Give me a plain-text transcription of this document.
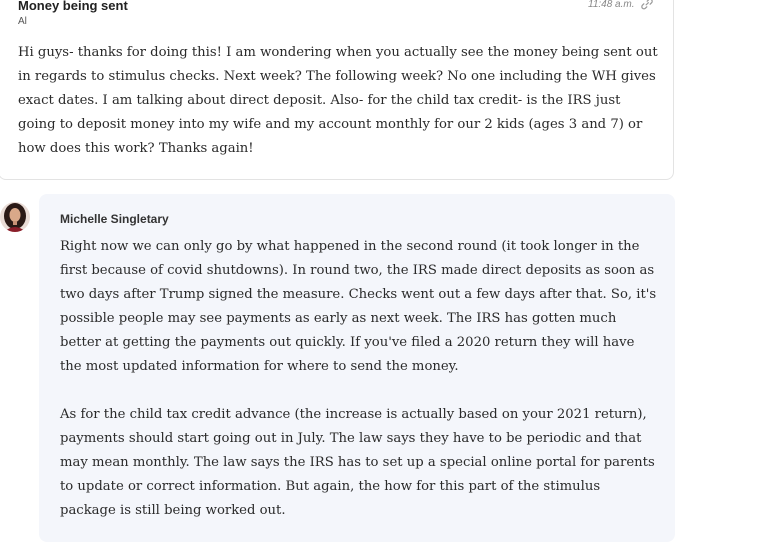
Money being sent
Al
11:48 a.m.

Hi guys- thanks for doing this! I am wondering when you actually see the money being sent out in regards to stimulus checks. Next week? The following week? No one including the WH gives exact dates. I am talking about direct deposit. Also- for the child tax credit- is the IRS just going to deposit money into my wife and my account monthly for our 2 kids (ages 3 and 7) or how does this work? Thanks again!

Michelle Singletary

Right now we can only go by what happened in the second round (it took longer in the first because of covid shutdowns). In round two, the IRS made direct deposits as soon as two days after Trump signed the measure. Checks went out a few days after that. So, it's possible people may see payments as early as next week. The IRS has gotten much better at getting the payments out quickly. If you've filed a 2020 return they will have the most updated information for where to send the money.

As for the child tax credit advance (the increase is actually based on your 2021 return), payments should start going out in July. The law says they have to be periodic and that may mean monthly. The law says the IRS has to set up a special online portal for parents to update or correct information. But again, the how for this part of the stimulus package is still being worked out.
